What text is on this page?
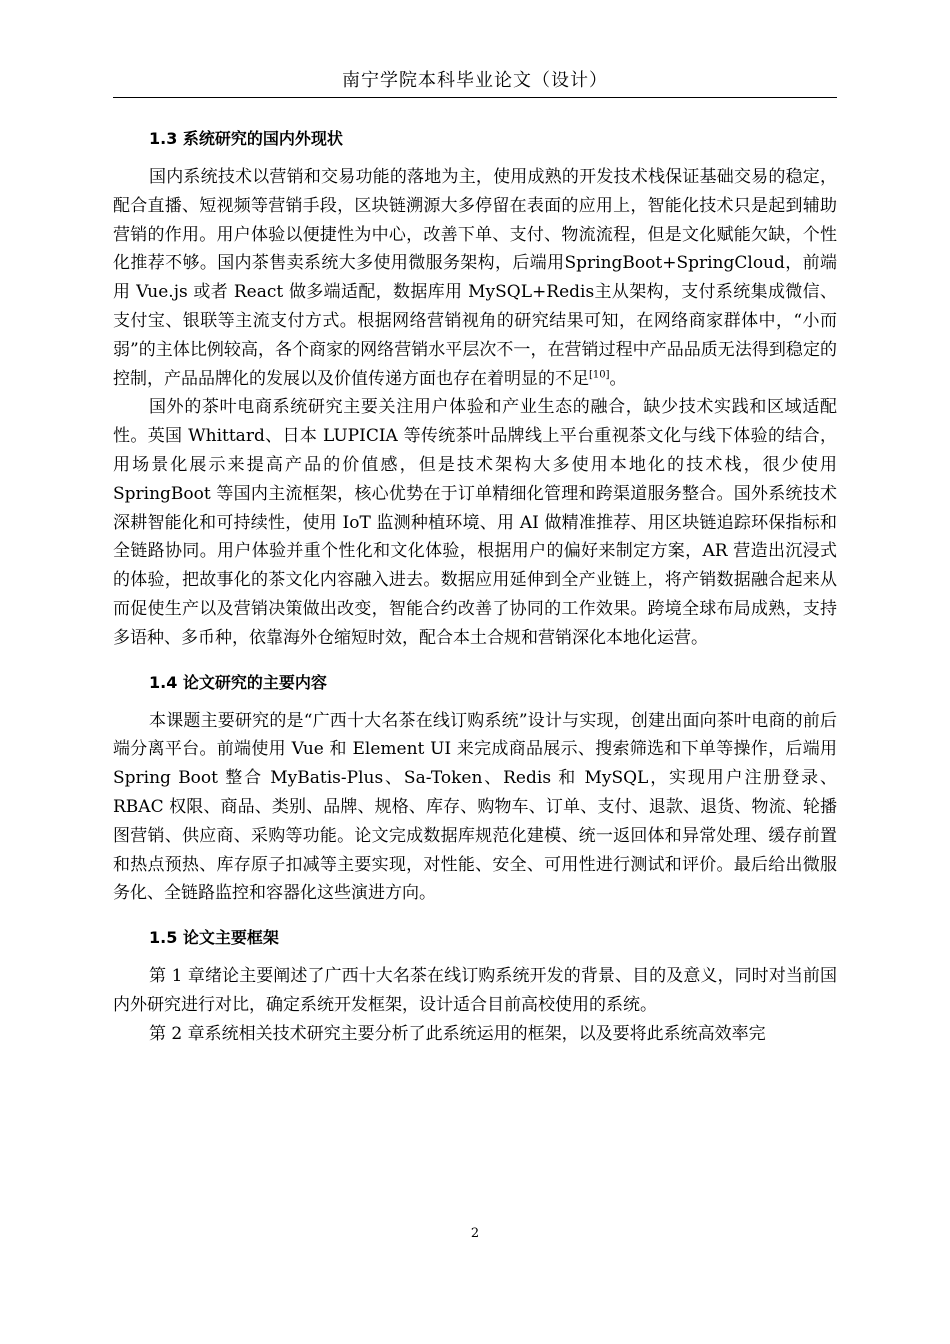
南宁学院本科毕业论文（设计）
1.3 系统研究的国内外现状

国内系统技术以营销和交易功能的落地为主，使用成熟的开发技术栈保证基础交易的稳定，配合直播、短视频等营销手段，区块链溯源大多停留在表面的应用上，智能化技术只是起到辅助营销的作用。用户体验以便捷性为中心，改善下单、支付、物流流程，但是文化赋能欠缺，个性化推荐不够。国内茶售卖系统大多使用微服务架构，后端用SpringBoot+SpringCloud，前端用 Vue.js 或者 React 做多端适配，数据库用 MySQL+Redis主从架构，支付系统集成微信、支付宝、银联等主流支付方式。根据网络营销视角的研究结果可知，在网络商家群体中，“小而弱”的主体比例较高，各个商家的网络营销水平层次不一，在营销过程中产品品质无法得到稳定的控制，产品品牌化的发展以及价值传递方面也存在着明显的不足[10]。

国外的茶叶电商系统研究主要关注用户体验和产业生态的融合，缺少技术实践和区域适配性。英国 Whittard、日本 LUPICIA 等传统茶叶品牌线上平台重视茶文化与线下体验的结合，用场景化展示来提高产品的价值感，但是技术架构大多使用本地化的技术栈，很少使用 SpringBoot 等国内主流框架，核心优势在于订单精细化管理和跨渠道服务整合。国外系统技术深耕智能化和可持续性，使用 IoT 监测种植环境、用 AI 做精准推荐、用区块链追踪环保指标和全链路协同。用户体验并重个性化和文化体验，根据用户的偏好来制定方案，AR 营造出沉浸式的体验，把故事化的茶文化内容融入进去。数据应用延伸到全产业链上，将产销数据融合起来从而促使生产以及营销决策做出改变，智能合约改善了协同的工作效果。跨境全球布局成熟，支持多语种、多币种，依靠海外仓缩短时效，配合本土合规和营销深化本地化运营。

1.4 论文研究的主要内容

本课题主要研究的是“广西十大名茶在线订购系统”设计与实现，创建出面向茶叶电商的前后端分离平台。前端使用 Vue 和 Element UI 来完成商品展示、搜索筛选和下单等操作，后端用 Spring Boot 整合 MyBatis-Plus、Sa-Token、Redis 和 MySQL，实现用户注册登录、RBAC 权限、商品、类别、品牌、规格、库存、购物车、订单、支付、退款、退货、物流、轮播图营销、供应商、采购等功能。论文完成数据库规范化建模、统一返回体和异常处理、缓存前置和热点预热、库存原子扣减等主要实现，对性能、安全、可用性进行测试和评价。最后给出微服务化、全链路监控和容器化这些演进方向。

1.5 论文主要框架

第 1 章绪论主要阐述了广西十大名茶在线订购系统开发的背景、目的及意义，同时对当前国内外研究进行对比，确定系统开发框架，设计适合目前高校使用的系统。

第 2 章系统相关技术研究主要分析了此系统运用的框架，以及要将此系统高效率完

2
